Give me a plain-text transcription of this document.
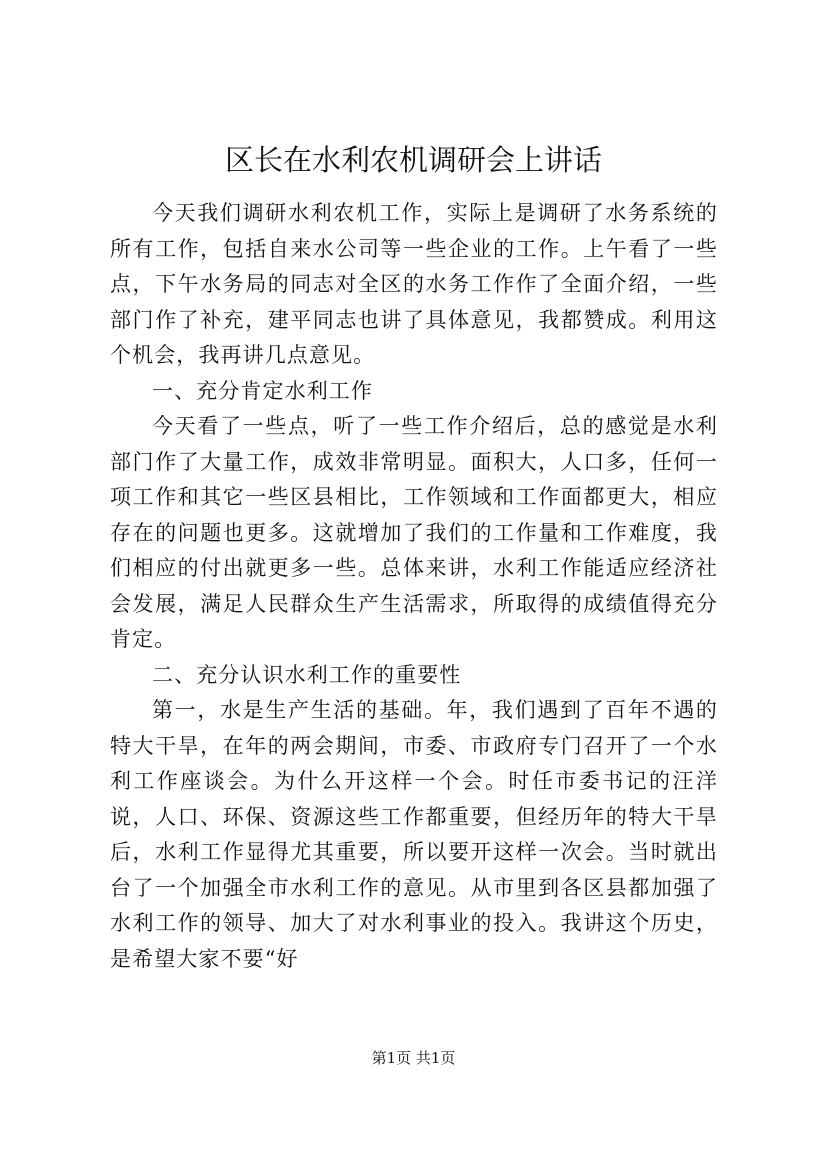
区长在水利农机调研会上讲话

今天我们调研水利农机工作，实际上是调研了水务系统的所有工作，包括自来水公司等一些企业的工作。上午看了一些点，下午水务局的同志对全区的水务工作作了全面介绍，一些部门作了补充，建平同志也讲了具体意见，我都赞成。利用这个机会，我再讲几点意见。

一、充分肯定水利工作

今天看了一些点，听了一些工作介绍后，总的感觉是水利部门作了大量工作，成效非常明显。面积大，人口多，任何一项工作和其它一些区县相比，工作领域和工作面都更大，相应存在的问题也更多。这就增加了我们的工作量和工作难度，我们相应的付出就更多一些。总体来讲，水利工作能适应经济社会发展，满足人民群众生产生活需求，所取得的成绩值得充分肯定。

二、充分认识水利工作的重要性

第一，水是生产生活的基础。年，我们遇到了百年不遇的特大干旱，在年的两会期间，市委、市政府专门召开了一个水利工作座谈会。为什么开这样一个会。时任市委书记的汪洋说，人口、环保、资源这些工作都重要，但经历年的特大干旱后，水利工作显得尤其重要，所以要开这样一次会。当时就出台了一个加强全市水利工作的意见。从市里到各区县都加强了水利工作的领导、加大了对水利事业的投入。我讲这个历史，是希望大家不要“好

第1页 共1页
